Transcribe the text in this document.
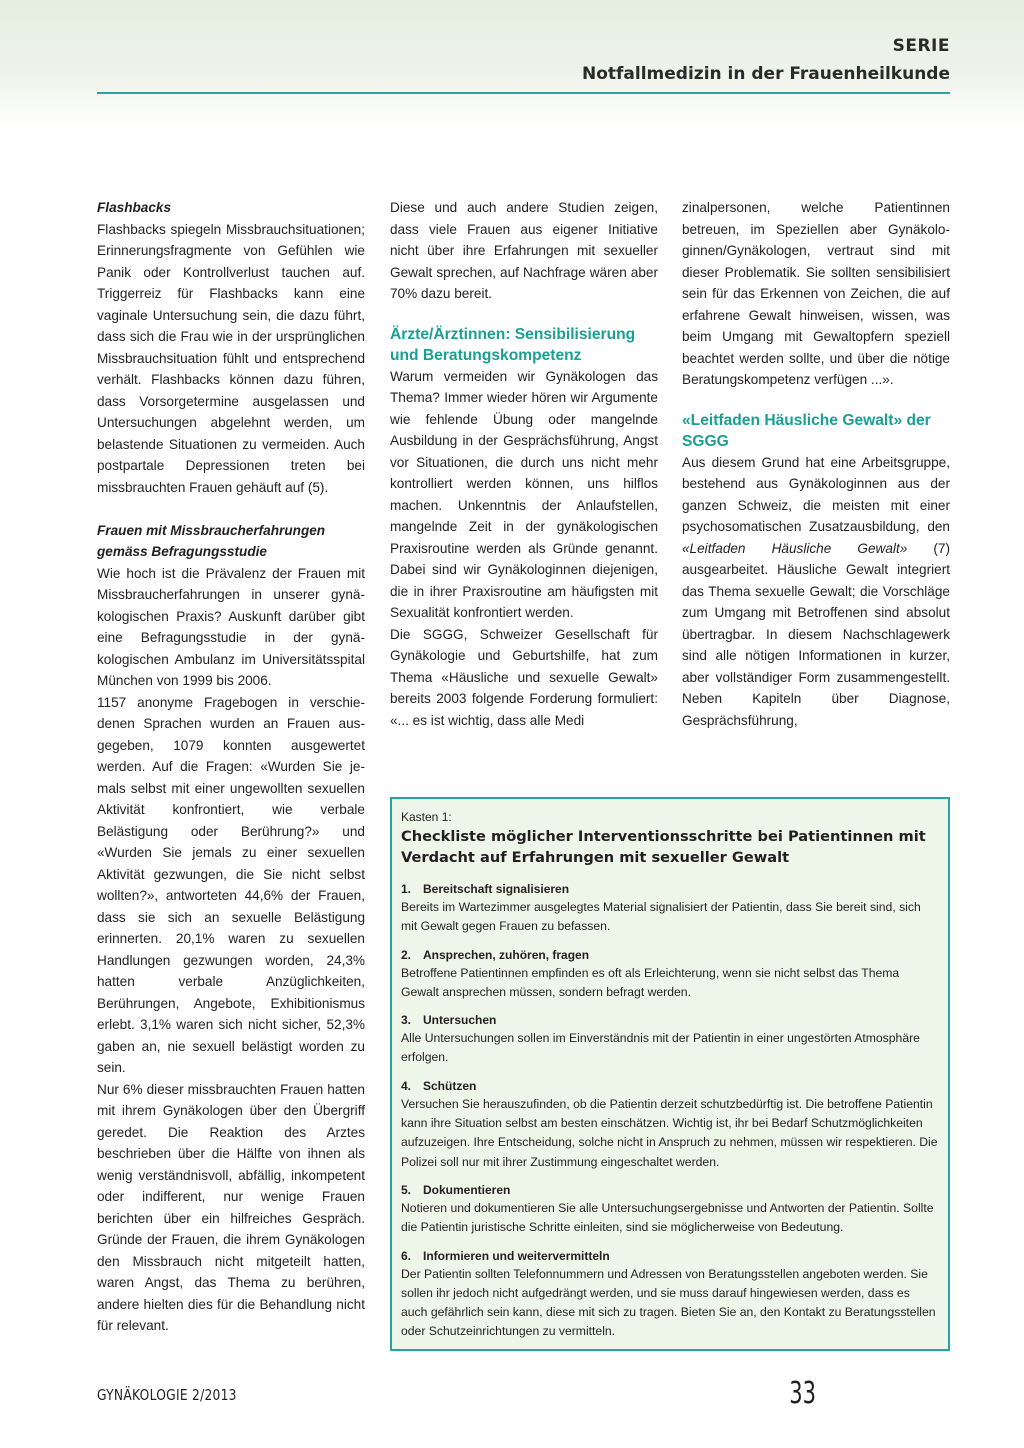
SERIE
Notfallmedizin in der Frauenheilkunde
Flashbacks
Flashbacks spiegeln Missbrauchsituationen; Erinnerungsfragmente von Gefühlen wie Panik oder Kontrollverlust tauchen auf. Triggerreiz für Flashbacks kann eine vaginale Untersuchung sein, die dazu führt, dass sich die Frau wie in der ursprünglichen Missbrauchsituation fühlt und entsprechend verhält. Flashbacks können dazu führen, dass Vorsorgetermine ausgelassen und Untersuchungen abgelehnt werden, um belastende Situationen zu vermeiden. Auch postpartale Depressionen treten bei missbrauchten Frauen gehäuft auf (5).
Frauen mit Missbraucherfahrungen gemäss Befragungsstudie
Wie hoch ist die Prävalenz der Frauen mit Missbraucherfahrungen in unserer gynäkologischen Praxis? Auskunft darüber gibt eine Befragungsstudie in der gynäkologischen Ambulanz im Universitätsspital München von 1999 bis 2006.
1157 anonyme Fragebogen in verschiedenen Sprachen wurden an Frauen ausgegeben, 1079 konnten ausgewertet werden. Auf die Fragen: «Wurden Sie jemals selbst mit einer ungewollten sexuellen Aktivität konfrontiert, wie verbale Belästigung oder Berührung?» und «Wurden Sie jemals zu einer sexuellen Aktivität gezwungen, die Sie nicht selbst wollten?», antworteten 44,6% der Frauen, dass sie sich an sexuelle Belästigung erinnerten. 20,1% waren zu sexuellen Handlungen gezwungen worden, 24,3% hatten verbale Anzüglichkeiten, Berührungen, Angebote, Exhibitionismus erlebt. 3,1% waren sich nicht sicher, 52,3% gaben an, nie sexuell belästigt worden zu sein.
Nur 6% dieser missbrauchten Frauen hatten mit ihrem Gynäkologen über den Übergriff geredet. Die Reaktion des Arztes beschrieben über die Hälfte von ihnen als wenig verständnisvoll, abfällig, inkompetent oder indifferent, nur wenige Frauen berichten über ein hilfreiches Gespräch. Gründe der Frauen, die ihrem Gynäkologen den Missbrauch nicht mitgeteilt hatten, waren Angst, das Thema zu berühren, andere hielten dies für die Behandlung nicht für relevant.
Diese und auch andere Studien zeigen, dass viele Frauen aus eigener Initiative nicht über ihre Erfahrungen mit sexueller Gewalt sprechen, auf Nachfrage wären aber 70% dazu bereit.
Ärzte/Ärztinnen: Sensibilisierung und Beratungskompetenz
Warum vermeiden wir Gynäkologen das Thema? Immer wieder hören wir Argumente wie fehlende Übung oder mangelnde Ausbildung in der Gesprächsführung, Angst vor Situationen, die durch uns nicht mehr kontrolliert werden können, uns hilflos machen. Unkenntnis der Anlaufstellen, mangelnde Zeit in der gynäkologischen Praxisroutine werden als Gründe genannt. Dabei sind wir Gynäkologinnen diejenigen, die in ihrer Praxisroutine am häufigsten mit Sexualität konfrontiert werden.
Die SGGG, Schweizer Gesellschaft für Gynäkologie und Geburtshilfe, hat zum Thema «Häusliche und sexuelle Gewalt» bereits 2003 folgende Forderung formuliert: «... es ist wichtig, dass alle Medi
zinalpersonen, welche Patientinnen betreuen, im Speziellen aber Gynäkologinnen/Gynäkologen, vertraut sind mit dieser Problematik. Sie sollten sensibilisiert sein für das Erkennen von Zeichen, die auf erfahrene Gewalt hinweisen, wissen, was beim Umgang mit Gewaltopfern speziell beachtet werden sollte, und über die nötige Beratungskompetenz verfügen ...».
«Leitfaden Häusliche Gewalt» der SGGG
Aus diesem Grund hat eine Arbeitsgruppe, bestehend aus Gynäkologinnen aus der ganzen Schweiz, die meisten mit einer psychosomatischen Zusatzausbildung, den «Leitfaden Häusliche Gewalt» (7) ausgearbeitet. Häusliche Gewalt integriert das Thema sexuelle Gewalt; die Vorschläge zum Umgang mit Betroffenen sind absolut übertragbar. In diesem Nachschlagewerk sind alle nötigen Informationen in kurzer, aber vollständiger Form zusammengestellt. Neben Kapiteln über Diagnose, Gesprächsführung,
Kasten 1:
Checkliste möglicher Interventionsschritte bei Patientinnen mit Verdacht auf Erfahrungen mit sexueller Gewalt
1. Bereitschaft signalisieren
Bereits im Wartezimmer ausgelegtes Material signalisiert der Patientin, dass Sie bereit sind, sich mit Gewalt gegen Frauen zu befassen.
2. Ansprechen, zuhören, fragen
Betroffene Patientinnen empfinden es oft als Erleichterung, wenn sie nicht selbst das Thema Gewalt ansprechen müssen, sondern befragt werden.
3. Untersuchen
Alle Untersuchungen sollen im Einverständnis mit der Patientin in einer ungestörten Atmosphäre erfolgen.
4. Schützen
Versuchen Sie herauszufinden, ob die Patientin derzeit schutzbedürftig ist. Die betroffene Patientin kann ihre Situation selbst am besten einschätzen. Wichtig ist, ihr bei Bedarf Schutzmöglichkeiten aufzuzeigen. Ihre Entscheidung, solche nicht in Anspruch zu nehmen, müssen wir respektieren. Die Polizei soll nur mit ihrer Zustimmung eingeschaltet werden.
5. Dokumentieren
Notieren und dokumentieren Sie alle Untersuchungsergebnisse und Antworten der Patientin. Sollte die Patientin juristische Schritte einleiten, sind sie möglicherweise von Bedeutung.
6. Informieren und weitervermitteln
Der Patientin sollten Telefonnummern und Adressen von Beratungsstellen angeboten werden. Sie sollen ihr jedoch nicht aufgedrängt werden, und sie muss darauf hingewiesen werden, dass es auch gefährlich sein kann, diese mit sich zu tragen. Bieten Sie an, den Kontakt zu Beratungsstellen oder Schutzeinrichtungen zu vermitteln.
GYNÄKOLOGIE 2/2013	33
